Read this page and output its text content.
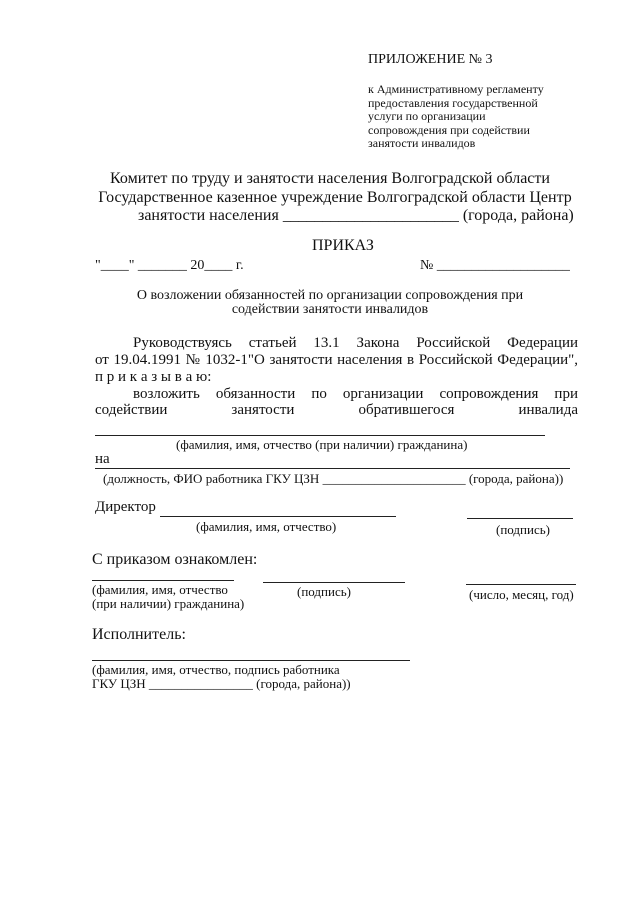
ПРИЛОЖЕНИЕ № 3
к Административному регламенту
предоставления государственной
услуги по организации
сопровождения при содействии
занятости инвалидов
Комитет по труду и занятости населения Волгоградской области
Государственное казенное учреждение Волгоградской области Центр
занятости населения ______________________ (города, района)
ПРИКАЗ
"____" _______ 20____ г.	№ ___________________
О возложении обязанностей по организации сопровождения при
содействии занятости инвалидов
Руководствуясь статьей 13.1 Закона Российской Федерации
от 19.04.1991 № 1032-1"О занятости населения в Российской Федерации",
п р и к а з ы в а ю:
возложить обязанности по организации сопровождения при
содействии занятости обратившегося инвалида
(фамилия, имя, отчество (при наличии) гражданина)
на
(должность, ФИО работника ГКУ ЦЗН ______________________ (города, района))
Директор
(фамилия, имя, отчество)	(подпись)
С приказом ознакомлен:
(фамилия, имя, отчество
(при наличии) гражданина)
(подпись)	(число, месяц, год)
Исполнитель:
(фамилия, имя, отчество, подпись работника
ГКУ ЦЗН ________________ (города, района))
